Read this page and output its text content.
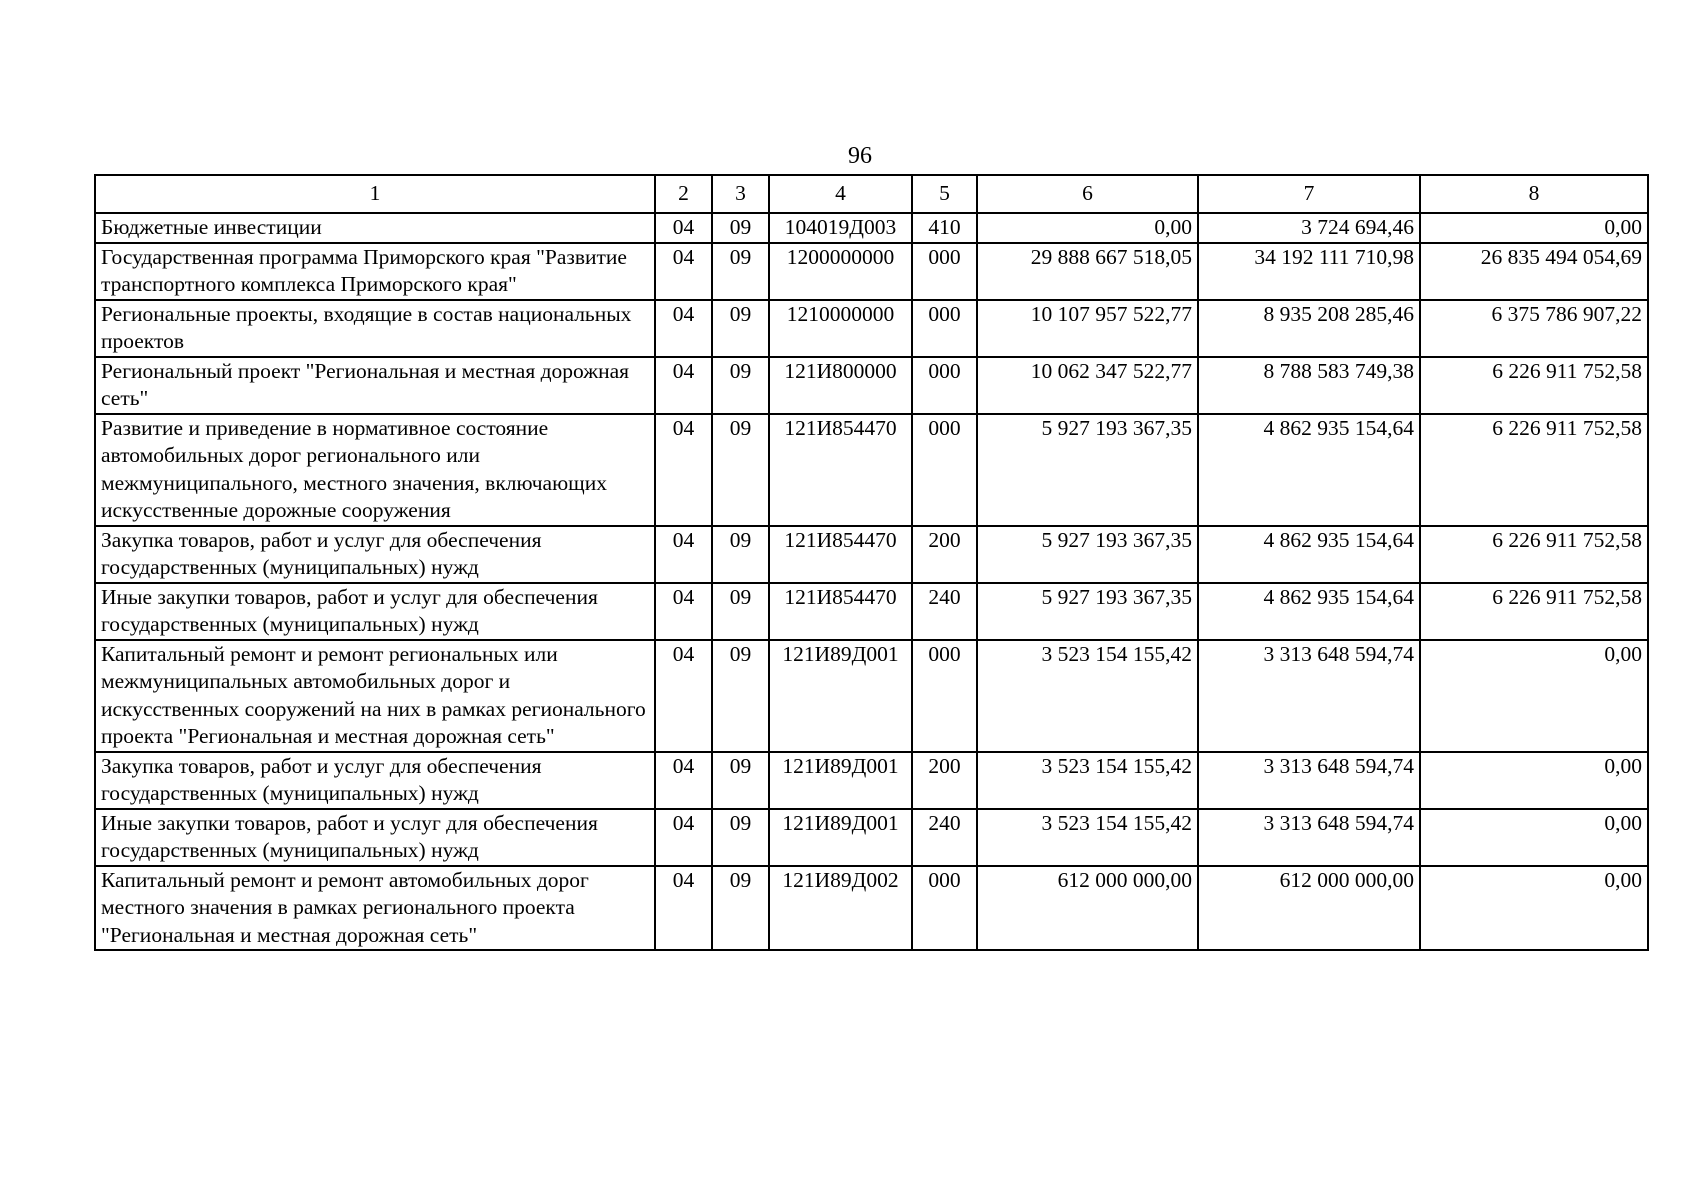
96
1	2	3	4	5	6	7	8
Бюджетные инвестиции	04	09	104019Д003	410	0,00	3 724 694,46	0,00
Государственная программа Приморского края "Развитие транспортного комплекса Приморского края"	04	09	1200000000	000	29 888 667 518,05	34 192 111 710,98	26 835 494 054,69
Региональные проекты, входящие в состав национальных проектов	04	09	1210000000	000	10 107 957 522,77	8 935 208 285,46	6 375 786 907,22
Региональный проект "Региональная и местная дорожная сеть"	04	09	121И800000	000	10 062 347 522,77	8 788 583 749,38	6 226 911 752,58
Развитие и приведение в нормативное состояние автомобильных дорог регионального или межмуниципального, местного значения, включающих искусственные дорожные сооружения	04	09	121И854470	000	5 927 193 367,35	4 862 935 154,64	6 226 911 752,58
Закупка товаров, работ и услуг для обеспечения государственных (муниципальных) нужд	04	09	121И854470	200	5 927 193 367,35	4 862 935 154,64	6 226 911 752,58
Иные закупки товаров, работ и услуг для обеспечения государственных (муниципальных) нужд	04	09	121И854470	240	5 927 193 367,35	4 862 935 154,64	6 226 911 752,58
Капитальный ремонт и ремонт региональных или межмуниципальных автомобильных дорог и искусственных сооружений на них в рамках регионального проекта "Региональная и местная дорожная сеть"	04	09	121И89Д001	000	3 523 154 155,42	3 313 648 594,74	0,00
Закупка товаров, работ и услуг для обеспечения государственных (муниципальных) нужд	04	09	121И89Д001	200	3 523 154 155,42	3 313 648 594,74	0,00
Иные закупки товаров, работ и услуг для обеспечения государственных (муниципальных) нужд	04	09	121И89Д001	240	3 523 154 155,42	3 313 648 594,74	0,00
Капитальный ремонт и ремонт автомобильных дорог местного значения в рамках регионального проекта "Региональная и местная дорожная сеть"	04	09	121И89Д002	000	612 000 000,00	612 000 000,00	0,00
